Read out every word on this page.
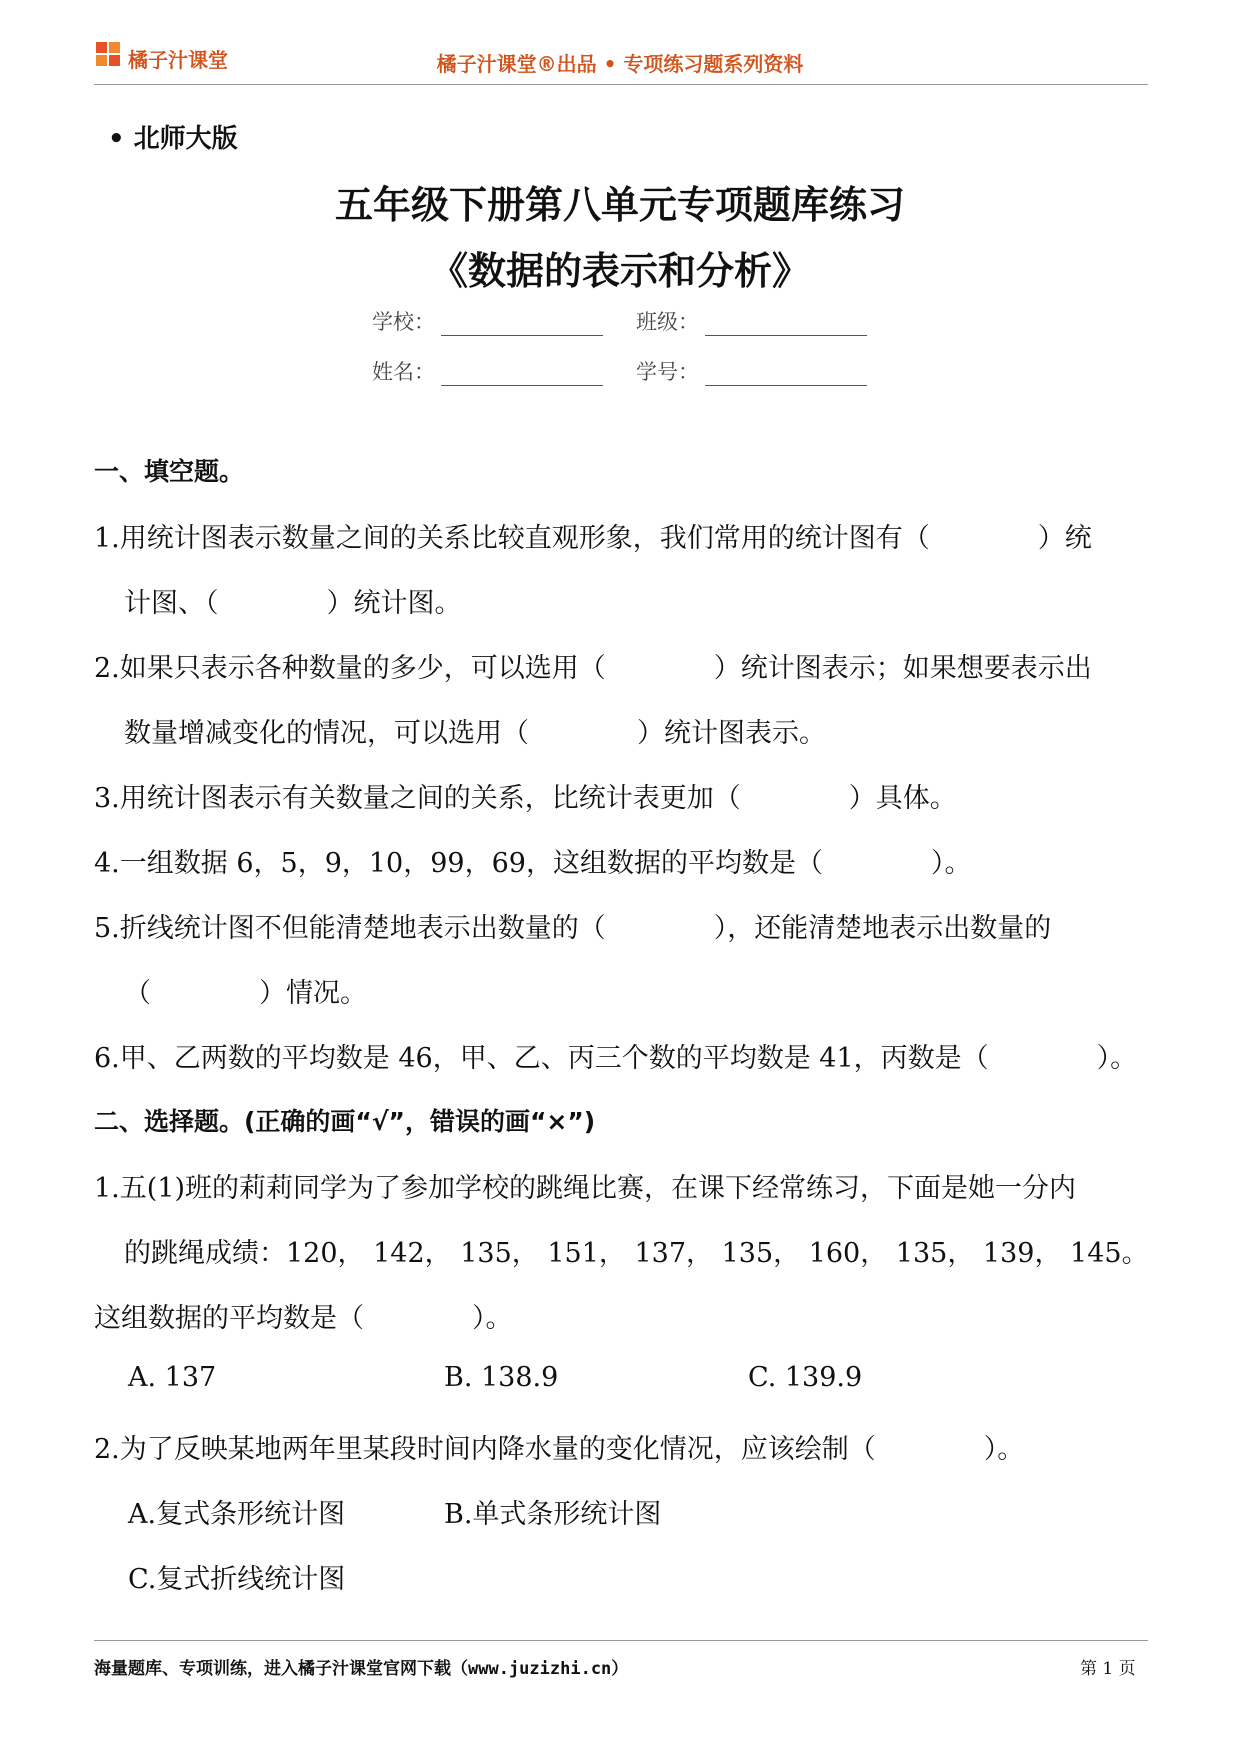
橘子汁课堂	橘子汁课堂®出品 • 专项练习题系列资料
• 北师大版
五年级下册第八单元专项题库练习
《数据的表示和分析》
学校：	班级：
姓名：	学号：
一、填空题。
1.用统计图表示数量之间的关系比较直观形象，我们常用的统计图有（　　　　）统
计图、（　　　　）统计图。
2.如果只表示各种数量的多少，可以选用（　　　　）统计图表示；如果想要表示出
数量增减变化的情况，可以选用（　　　　）统计图表示。
3.用统计图表示有关数量之间的关系，比统计表更加（　　　　）具体。
4.一组数据 6，5，9，10，99，69，这组数据的平均数是（　　　　）。
5.折线统计图不但能清楚地表示出数量的（　　　　），还能清楚地表示出数量的
（　　　　）情况。
6.甲、乙两数的平均数是 46，甲、乙、丙三个数的平均数是 41，丙数是（　　　　）。
二、选择题。(正确的画“√”，错误的画“×”)
1.五(1)班的莉莉同学为了参加学校的跳绳比赛，在课下经常练习，下面是她一分内
的跳绳成绩：120， 142， 135， 151， 137， 135， 160， 135， 139， 145。
这组数据的平均数是（　　　　）。
A. 137	B. 138.9	C. 139.9
2.为了反映某地两年里某段时间内降水量的变化情况，应该绘制（　　　　）。
A.复式条形统计图	B.单式条形统计图
C.复式折线统计图
海量题库、专项训练，进入橘子汁课堂官网下载（www.juzizhi.cn）	第 1 页
